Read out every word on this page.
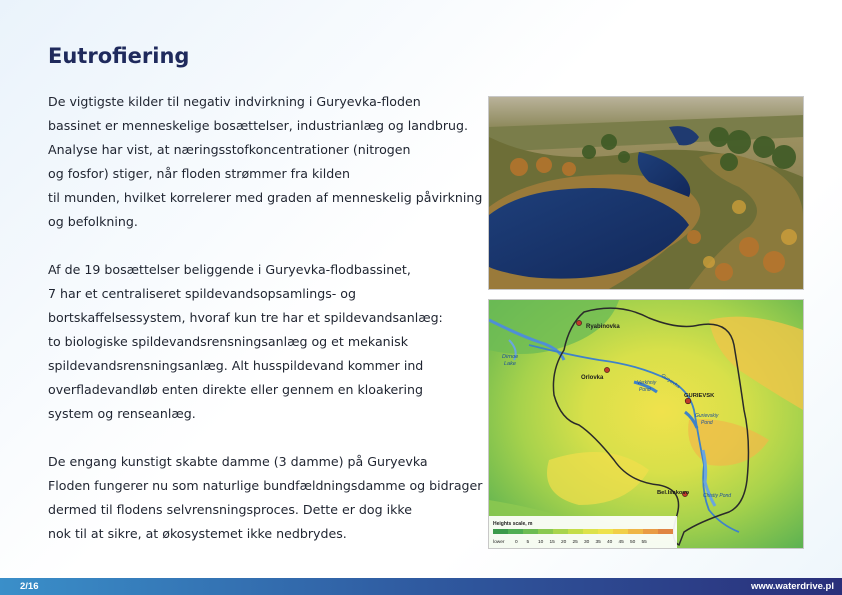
Eutrofiering

De vigtigste kilder til negativ indvirkning i Guryevka-floden
bassinet er menneskelige bosættelser, industrianlæg og landbrug.
Analyse har vist, at næringsstofkoncentrationer (nitrogen
og fosfor) stiger, når floden strømmer fra kilden
til munden, hvilket korrelerer med graden af menneskelig påvirkning
og befolkning.

Af de 19 bosættelser beliggende i Guryevka-flodbassinet,
7 har et centraliseret spildevandsopsamlings- og
bortskaffelsessystem, hvoraf kun tre har et spildevandsanlæg:
to biologiske spildevandsrensningsanlæg og et mekanisk
spildevandsrensningsanlæg. Alt husspildevand kommer ind
overfladevandløb enten direkte eller gennem en kloakering
system og renseanlæg.

De engang kunstigt skabte damme (3 damme) på Guryevka
Floden fungerer nu som naturlige bundfældningsdamme og bidrager
dermed til flodens selvrensningsproces. Dette er dog ikke
nok til at sikre, at økosystemet ikke nedbrydes.

Ryabinovka
Dirnoe
Lake
Orlovka
Verkhniy
Pond
Guryevka
GURIEVSK
Gurievskiy
Pond
Bel.Isakovo	Chistiy Pond
Heights scale, m
lower 0 5 10 15 20 25 30 35 40 45 50 55
2/16	www.waterdrive.pl
